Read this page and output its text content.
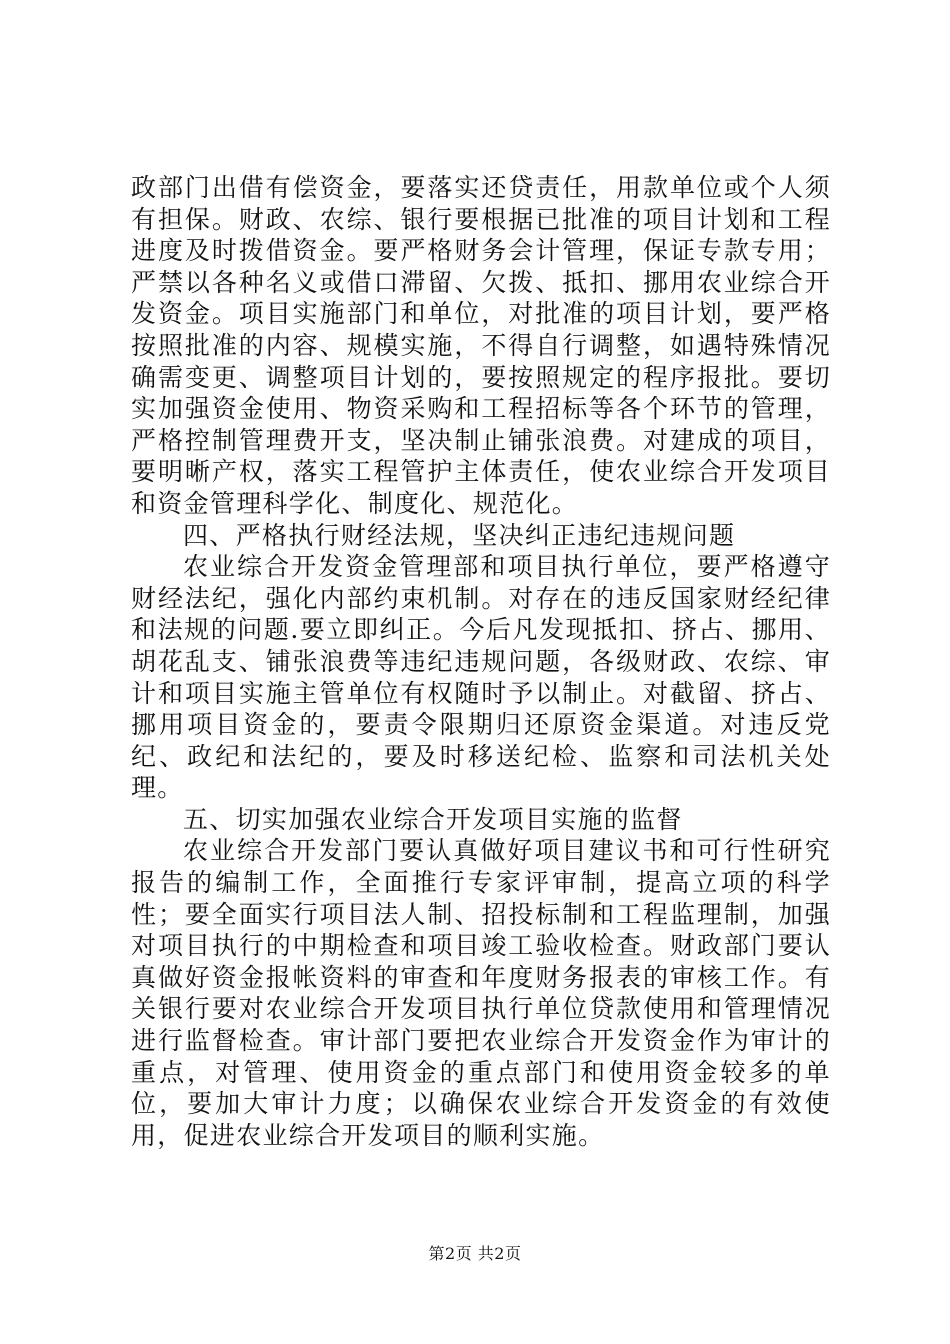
政部门出借有偿资金，要落实还贷责任，用款单位或个人须有担保。财政、农综、银行要根据已批准的项目计划和工程进度及时拨借资金。要严格财务会计管理，保证专款专用；严禁以各种名义或借口滞留、欠拨、抵扣、挪用农业综合开发资金。项目实施部门和单位，对批准的项目计划，要严格按照批准的内容、规模实施，不得自行调整，如遇特殊情况确需变更、调整项目计划的，要按照规定的程序报批。要切实加强资金使用、物资采购和工程招标等各个环节的管理，严格控制管理费开支，坚决制止铺张浪费。对建成的项目，要明晰产权，落实工程管护主体责任，使农业综合开发项目和资金管理科学化、制度化、规范化。

四、严格执行财经法规，坚决纠正违纪违规问题

农业综合开发资金管理部和项目执行单位，要严格遵守财经法纪，强化内部约束机制。对存在的违反国家财经纪律和法规的问题.要立即纠正。今后凡发现抵扣、挤占、挪用、胡花乱支、铺张浪费等违纪违规问题，各级财政、农综、审计和项目实施主管单位有权随时予以制止。对截留、挤占、挪用项目资金的，要责令限期归还原资金渠道。对违反党纪、政纪和法纪的，要及时移送纪检、监察和司法机关处理。

五、切实加强农业综合开发项目实施的监督

农业综合开发部门要认真做好项目建议书和可行性研究报告的编制工作，全面推行专家评审制，提高立项的科学性；要全面实行项目法人制、招投标制和工程监理制，加强对项目执行的中期检查和项目竣工验收检查。财政部门要认真做好资金报帐资料的审查和年度财务报表的审核工作。有关银行要对农业综合开发项目执行单位贷款使用和管理情况进行监督检查。审计部门要把农业综合开发资金作为审计的重点，对管理、使用资金的重点部门和使用资金较多的单位，要加大审计力度；以确保农业综合开发资金的有效使用，促进农业综合开发项目的顺利实施。

第2页 共2页
